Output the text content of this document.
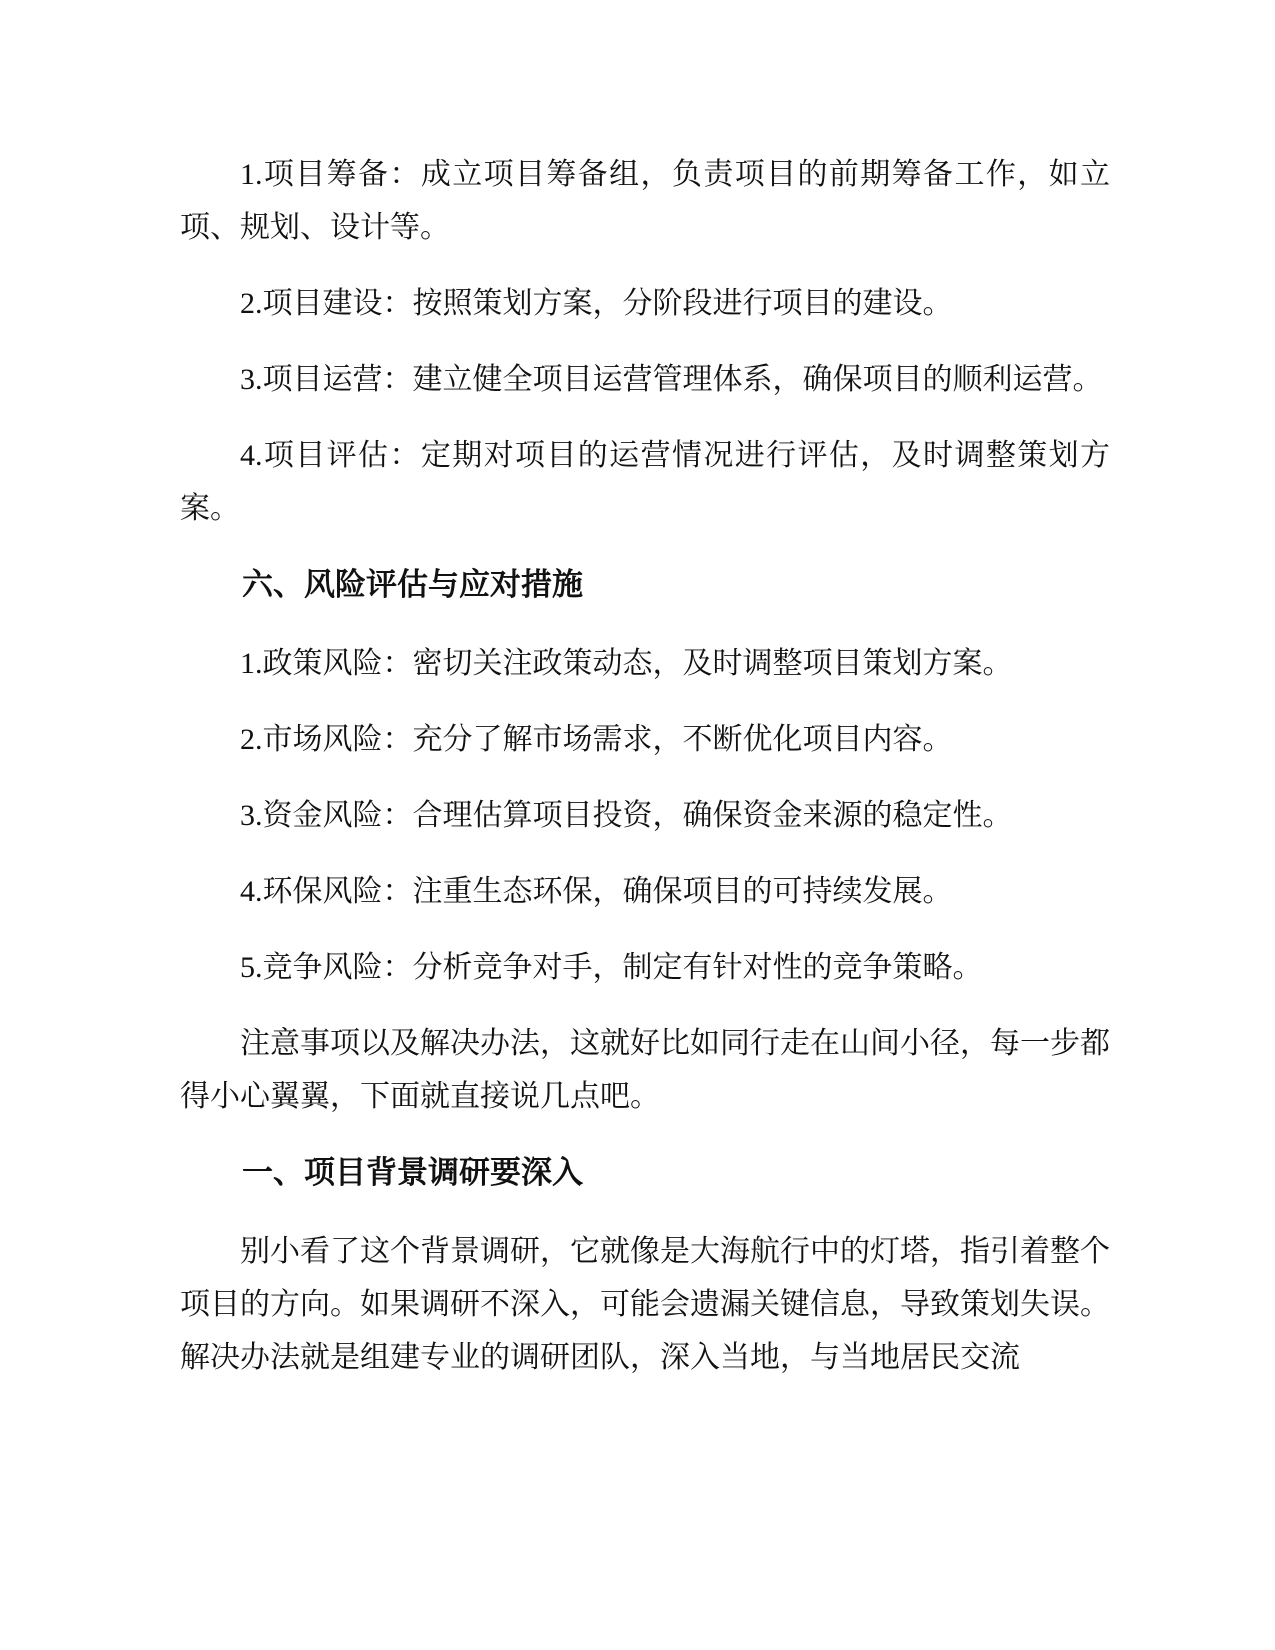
1.项目筹备：成立项目筹备组，负责项目的前期筹备工作，如立项、规划、设计等。

2.项目建设：按照策划方案，分阶段进行项目的建设。

3.项目运营：建立健全项目运营管理体系，确保项目的顺利运营。

4.项目评估：定期对项目的运营情况进行评估，及时调整策划方案。

六、风险评估与应对措施

1.政策风险：密切关注政策动态，及时调整项目策划方案。

2.市场风险：充分了解市场需求，不断优化项目内容。

3.资金风险：合理估算项目投资，确保资金来源的稳定性。

4.环保风险：注重生态环保，确保项目的可持续发展。

5.竞争风险：分析竞争对手，制定有针对性的竞争策略。

注意事项以及解决办法，这就好比如同行走在山间小径，每一步都得小心翼翼，下面就直接说几点吧。

一、项目背景调研要深入

别小看了这个背景调研，它就像是大海航行中的灯塔，指引着整个项目的方向。如果调研不深入，可能会遗漏关键信息，导致策划失误。解决办法就是组建专业的调研团队，深入当地，与当地居民交流
